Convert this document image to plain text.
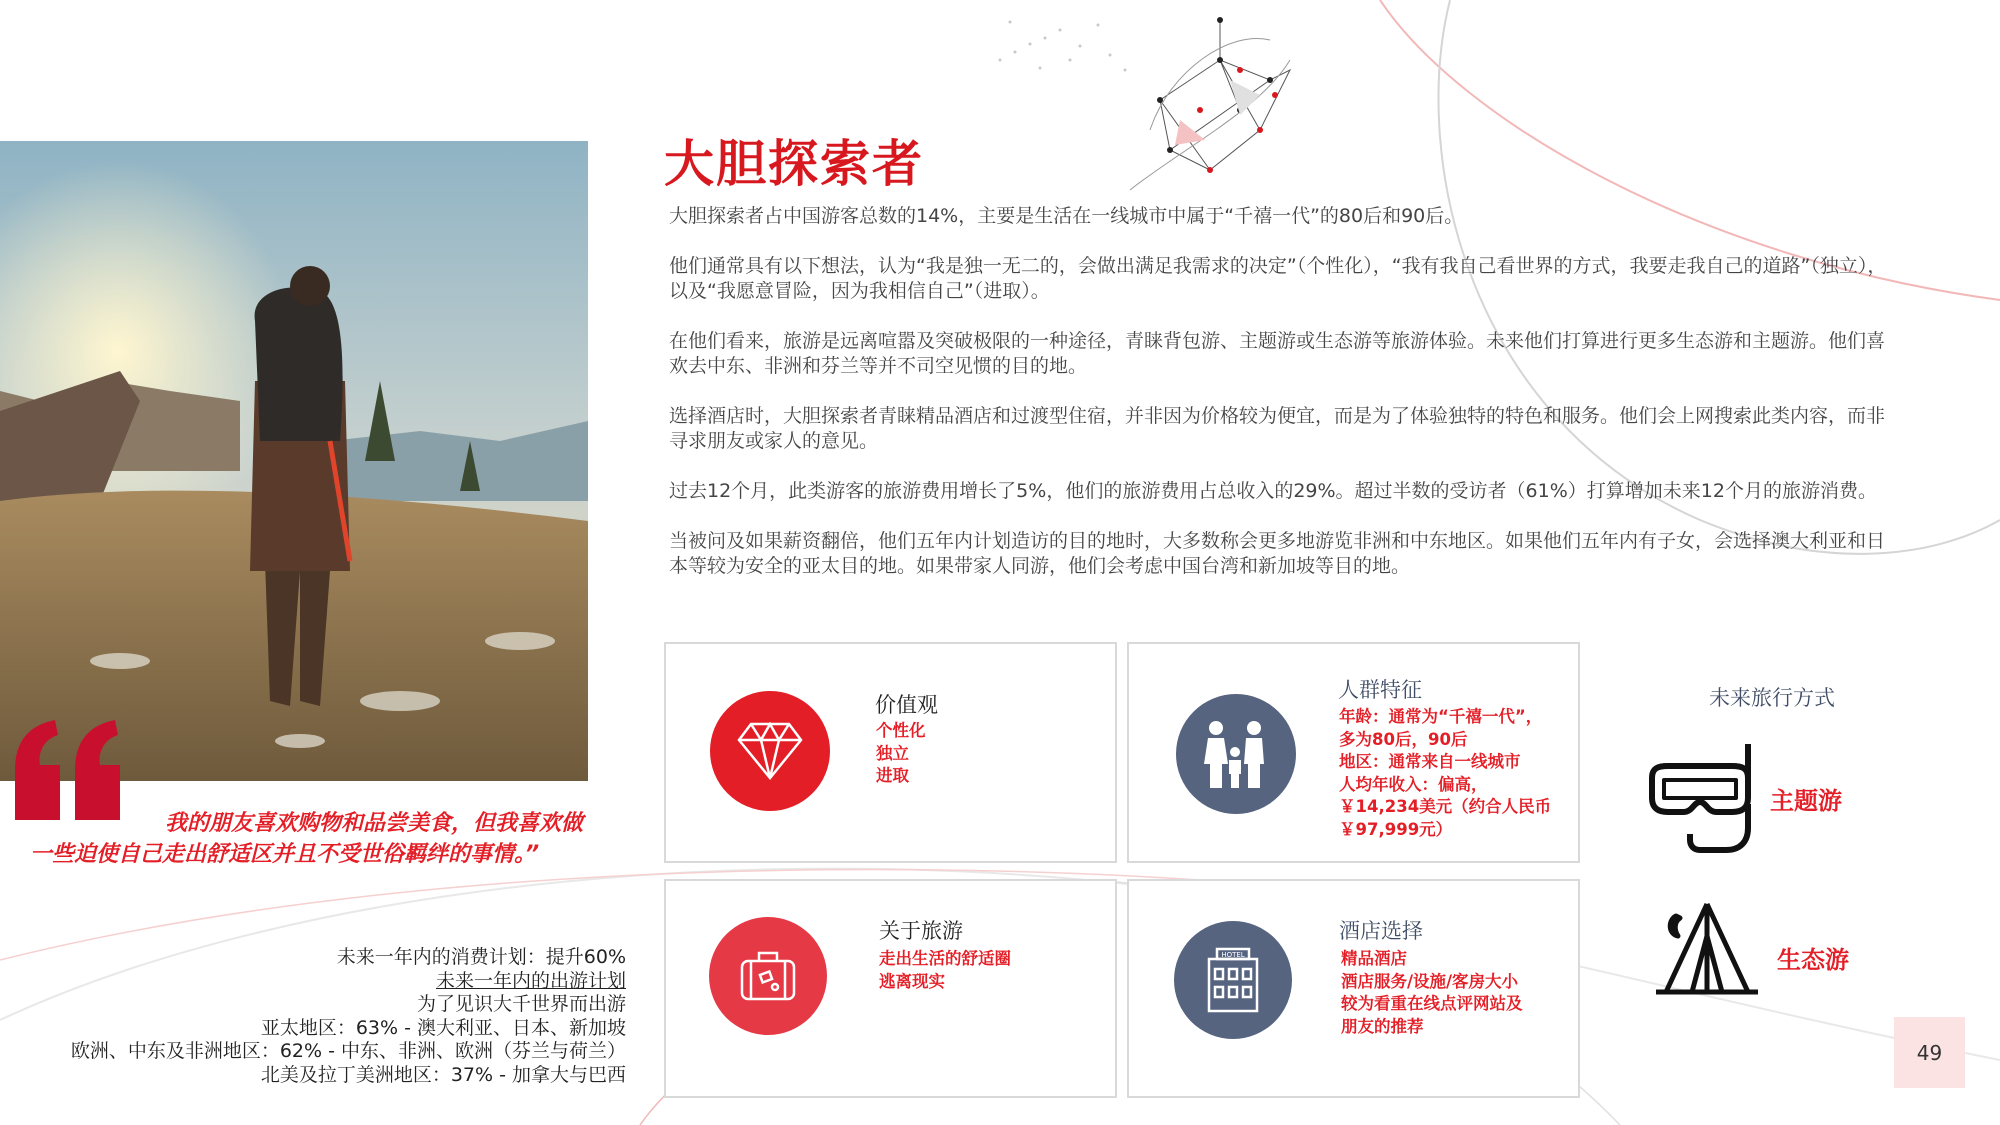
我的朋友喜欢购物和品尝美食，但我喜欢做一些迫使自己走出舒适区并且不受世俗羁绊的事情。”
未来一年内的消费计划：提升60%
未来一年内的出游计划
为了见识大千世界而出游
亚太地区：63% - 澳大利亚、日本、新加坡
欧洲、中东及非洲地区：62% - 中东、非洲、欧洲（芬兰与荷兰）
北美及拉丁美洲地区：37% - 加拿大与巴西
大胆探索者

大胆探索者占中国游客总数的14%，主要是生活在一线城市中属于“千禧一代”的80后和90后。

他们通常具有以下想法，认为“我是独一无二的，会做出满足我需求的决定”（个性化），“我有我自己看世界的方式，我要走我自己的道路”（独立），以及“我愿意冒险，因为我相信自己”（进取）。

在他们看来，旅游是远离喧嚣及突破极限的一种途径，青睐背包游、主题游或生态游等旅游体验。未来他们打算进行更多生态游和主题游。他们喜欢去中东、非洲和芬兰等并不司空见惯的目的地。

选择酒店时，大胆探索者青睐精品酒店和过渡型住宿，并非因为价格较为便宜，而是为了体验独特的特色和服务。他们会上网搜索此类内容，而非寻求朋友或家人的意见。

过去12个月，此类游客的旅游费用增长了5%，他们的旅游费用占总收入的29%。超过半数的受访者（61%）打算增加未来12个月的旅游消费。

当被问及如果薪资翻倍，他们五年内计划造访的目的地时，大多数称会更多地游览非洲和中东地区。如果他们五年内有子女，会选择澳大利亚和日本等较为安全的亚太目的地。如果带家人同游，他们会考虑中国台湾和新加坡等目的地。

价值观
个性化
独立
进取
人群特征
年龄：通常为“千禧一代”，
多为80后，90后
地区：通常来自一线城市
人均年收入：偏高，
￥14,234美元（约合人民币
￥97,999元）
关于旅游
走出生活的舒适圈
逃离现实
HOTEL
酒店选择
精品酒店
酒店服务/设施/客房大小
较为看重在线点评网站及
朋友的推荐
未来旅行方式
主题游
生态游
49
